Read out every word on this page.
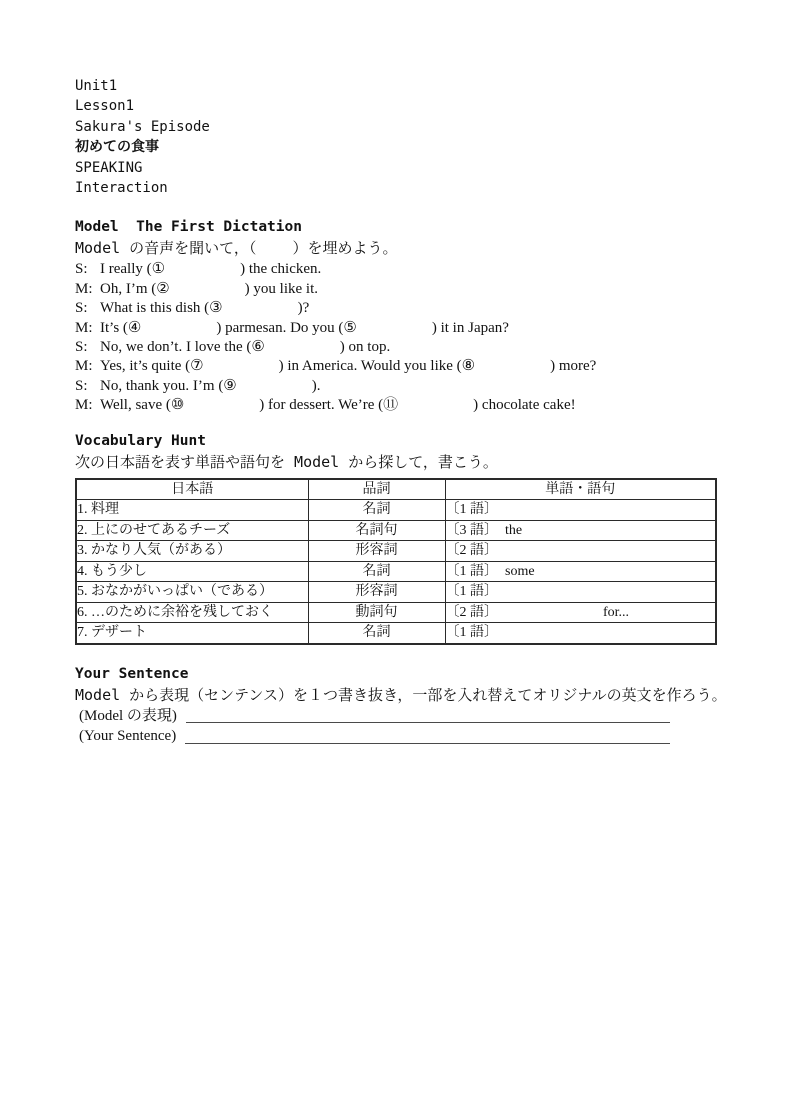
Unit1
Lesson1
Sakura's Episode
初めての食事
SPEAKING
Interaction
Model  The First Dictation
Model の音声を聞いて，（    ）を埋めよう。
S: I really (①                    ) the chicken.
M: Oh, I’m (②                    ) you like it.
S: What is this dish (③                    )?
M: It’s (④                    ) parmesan. Do you (⑤                    ) it in Japan?
S: No, we don’t. I love the (⑥                    ) on top.
M: Yes, it’s quite (⑦                    ) in America. Would you like (⑧                    ) more?
S: No, thank you. I’m (⑨                    ).
M: Well, save (⑩                    ) for dessert. We’re (⑪                    ) chocolate cake!
Vocabulary Hunt
次の日本語を表す単語や語句を Model から探して，書こう。
日本語	品詞	単語・語句
1. 料理	名詞	〔1 語〕
2. 上にのせてあるチーズ	名詞句	〔3 語〕  the
3. かなり人気（がある）	形容詞	〔2 語〕
4. もう少し	名詞	〔1 語〕  some
5. おなかがいっぱい（である）	形容詞	〔1 語〕
6. …のために余裕を残しておく	動詞句	〔2 語〕                              for...
7. デザート	名詞	〔1 語〕
Your Sentence
Model から表現（センテンス）を１つ書き抜き，一部を入れ替えてオリジナルの英文を作ろう。
(Model の表現)
(Your Sentence)
